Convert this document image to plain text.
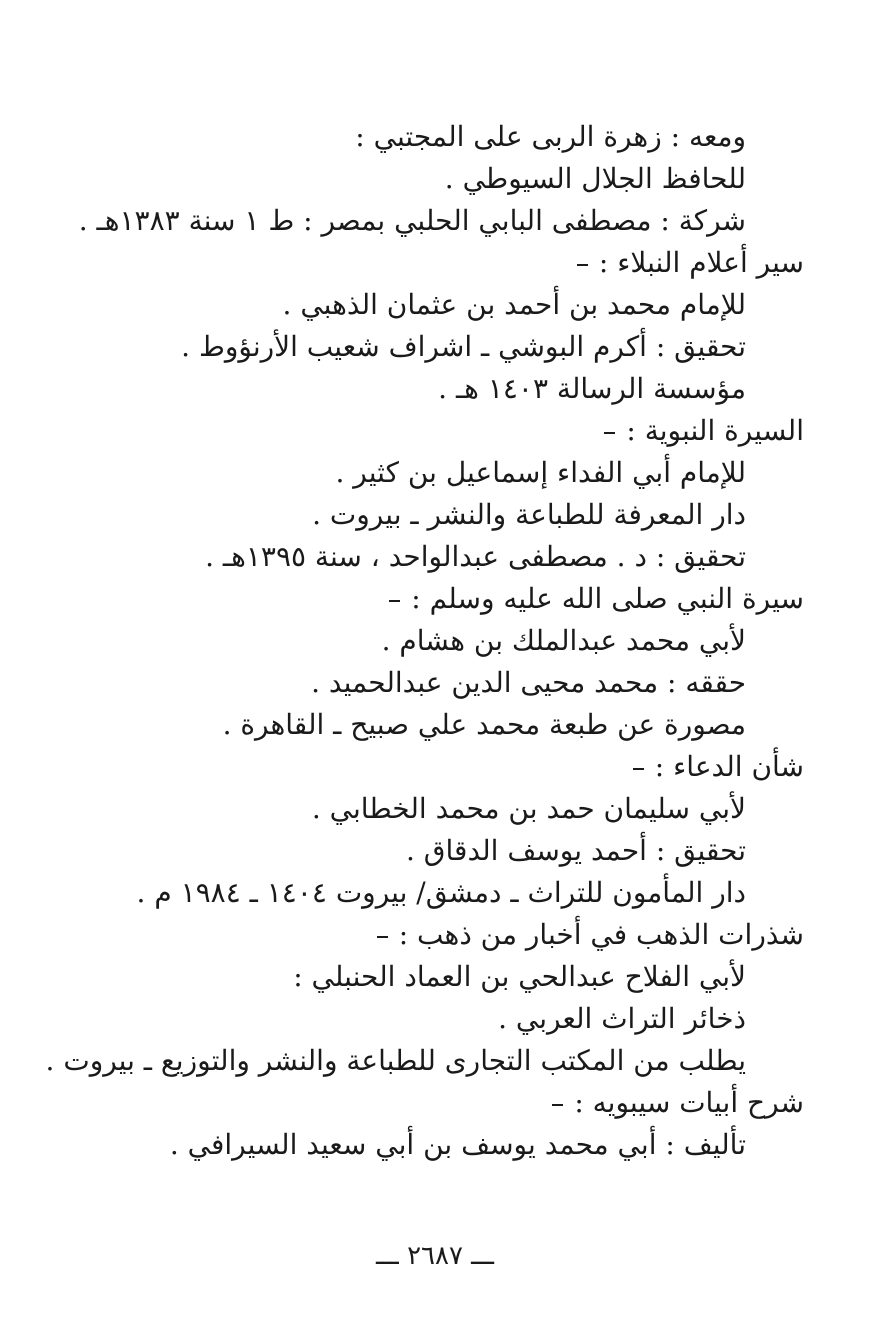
ومعه : زهرة الربى على المجتبي :
للحافظ الجلال السيوطي .
شركة : مصطفى البابي الحلبي بمصر : ط ١ سنة ١٣٨٣هـ .
سير أعلام النبلاء :
للإمام محمد بن أحمد بن عثمان الذهبي .
تحقيق : أكرم البوشي ـ اشراف شعيب الأرنؤوط .
مؤسسة الرسالة ١٤٠٣ هـ .
السيرة النبوية :
للإمام أبي الفداء إسماعيل بن كثير .
دار المعرفة للطباعة والنشر ـ بيروت .
تحقيق : د . مصطفى عبدالواحد ، سنة ١٣٩٥هـ .
سيرة النبي صلى الله عليه وسلم :
لأبي محمد عبدالملك بن هشام .
حققه : محمد محيى الدين عبدالحميد .
مصورة عن طبعة محمد علي صبيح ـ القاهرة .
شأن الدعاء :
لأبي سليمان حمد بن محمد الخطابي .
تحقيق : أحمد يوسف الدقاق .
دار المأمون للتراث ـ دمشق/ بيروت ١٤٠٤ ـ ١٩٨٤ م .
شذرات الذهب في أخبار من ذهب :
لأبي الفلاح عبدالحي بن العماد الحنبلي :
ذخائر التراث العربي .
يطلب من المكتب التجارى للطباعة والنشر والتوزيع ـ بيروت .
شرح أبيات سيبويه :
تأليف : أبي محمد يوسف بن أبي سعيد السيرافي .
ـــ ٢٦٨٧ ـــ
